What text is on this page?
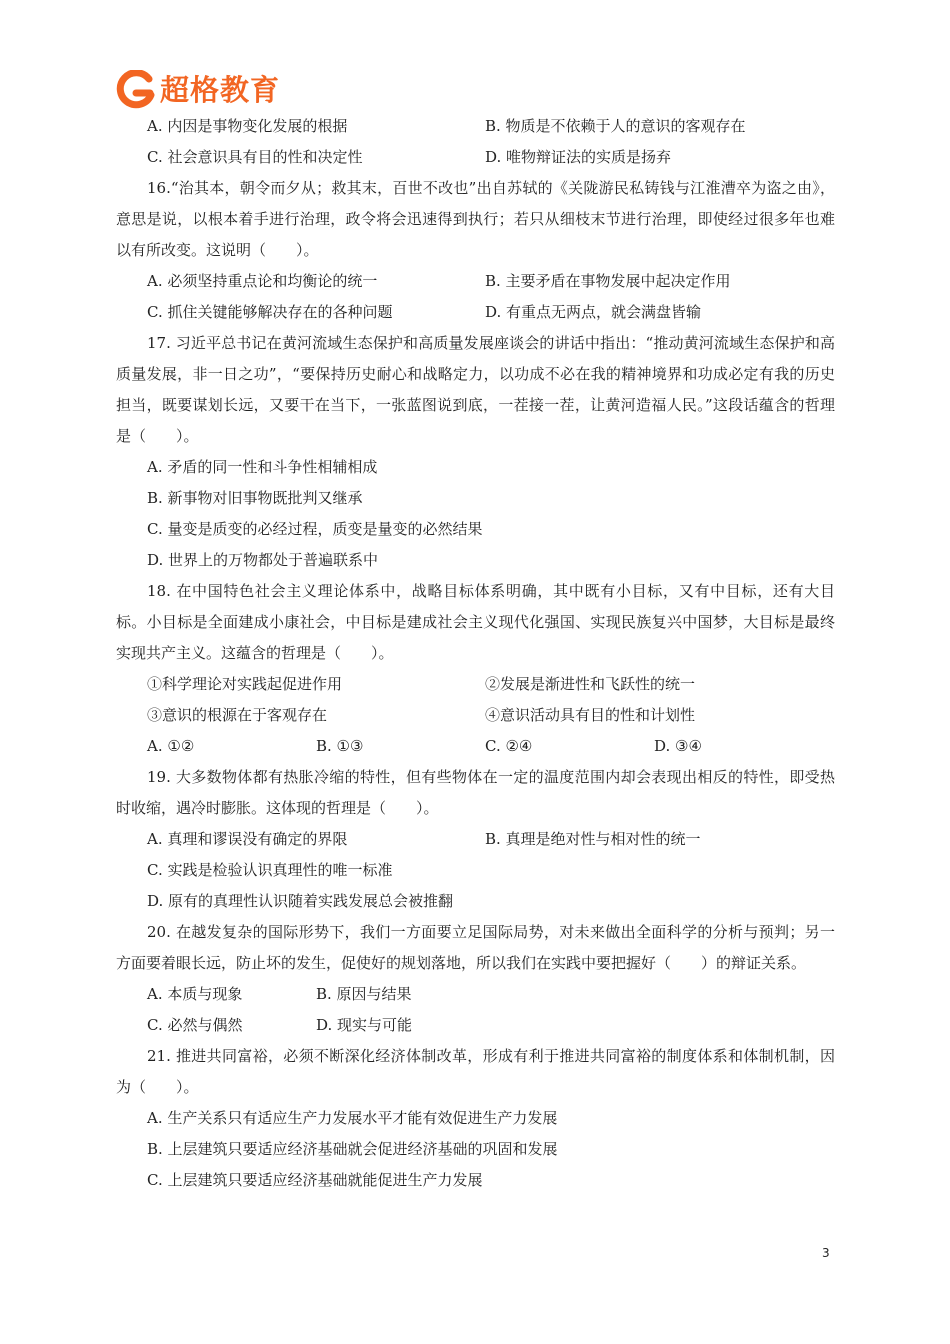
超格教育
A. 内因是事物变化发展的根据	B. 物质是不依赖于人的意识的客观存在
C. 社会意识具有目的性和决定性	D. 唯物辩证法的实质是扬弃

16.“治其本，朝令而夕从；救其末，百世不改也”出自苏轼的《关陇游民私铸钱与江淮漕卒为盗之由》，意思是说，以根本着手进行治理，政令将会迅速得到执行；若只从细枝末节进行治理，即使经过很多年也难以有所改变。这说明（　　）。

A. 必须坚持重点论和均衡论的统一	B. 主要矛盾在事物发展中起决定作用
C. 抓住关键能够解决存在的各种问题	D. 有重点无两点，就会满盘皆输

17. 习近平总书记在黄河流域生态保护和高质量发展座谈会的讲话中指出：“推动黄河流域生态保护和高质量发展，非一日之功”，“要保持历史耐心和战略定力，以功成不必在我的精神境界和功成必定有我的历史担当，既要谋划长远，又要干在当下，一张蓝图说到底，一茬接一茬，让黄河造福人民。”这段话蕴含的哲理是（　　）。

A. 矛盾的同一性和斗争性相辅相成

B. 新事物对旧事物既批判又继承

C. 量变是质变的必经过程，质变是量变的必然结果

D. 世界上的万物都处于普遍联系中

18. 在中国特色社会主义理论体系中，战略目标体系明确，其中既有小目标，又有中目标，还有大目标。小目标是全面建成小康社会，中目标是建成社会主义现代化强国、实现民族复兴中国梦，大目标是最终实现共产主义。这蕴含的哲理是（　　）。

①科学理论对实践起促进作用	②发展是渐进性和飞跃性的统一
③意识的根源在于客观存在	④意识活动具有目的性和计划性
A. ①②	B. ①③	C. ②④	D. ③④

19. 大多数物体都有热胀冷缩的特性，但有些物体在一定的温度范围内却会表现出相反的特性，即受热时收缩，遇冷时膨胀。这体现的哲理是（　　）。

A. 真理和谬误没有确定的界限	B. 真理是绝对性与相对性的统一

C. 实践是检验认识真理性的唯一标准

D. 原有的真理性认识随着实践发展总会被推翻

20. 在越发复杂的国际形势下，我们一方面要立足国际局势，对未来做出全面科学的分析与预判；另一方面要着眼长远，防止坏的发生，促使好的规划落地，所以我们在实践中要把握好（　　）的辩证关系。

A. 本质与现象	B. 原因与结果
C. 必然与偶然	D. 现实与可能

21. 推进共同富裕，必须不断深化经济体制改革，形成有利于推进共同富裕的制度体系和体制机制，因为（　　）。

A. 生产关系只有适应生产力发展水平才能有效促进生产力发展

B. 上层建筑只要适应经济基础就会促进经济基础的巩固和发展

C. 上层建筑只要适应经济基础就能促进生产力发展

3
